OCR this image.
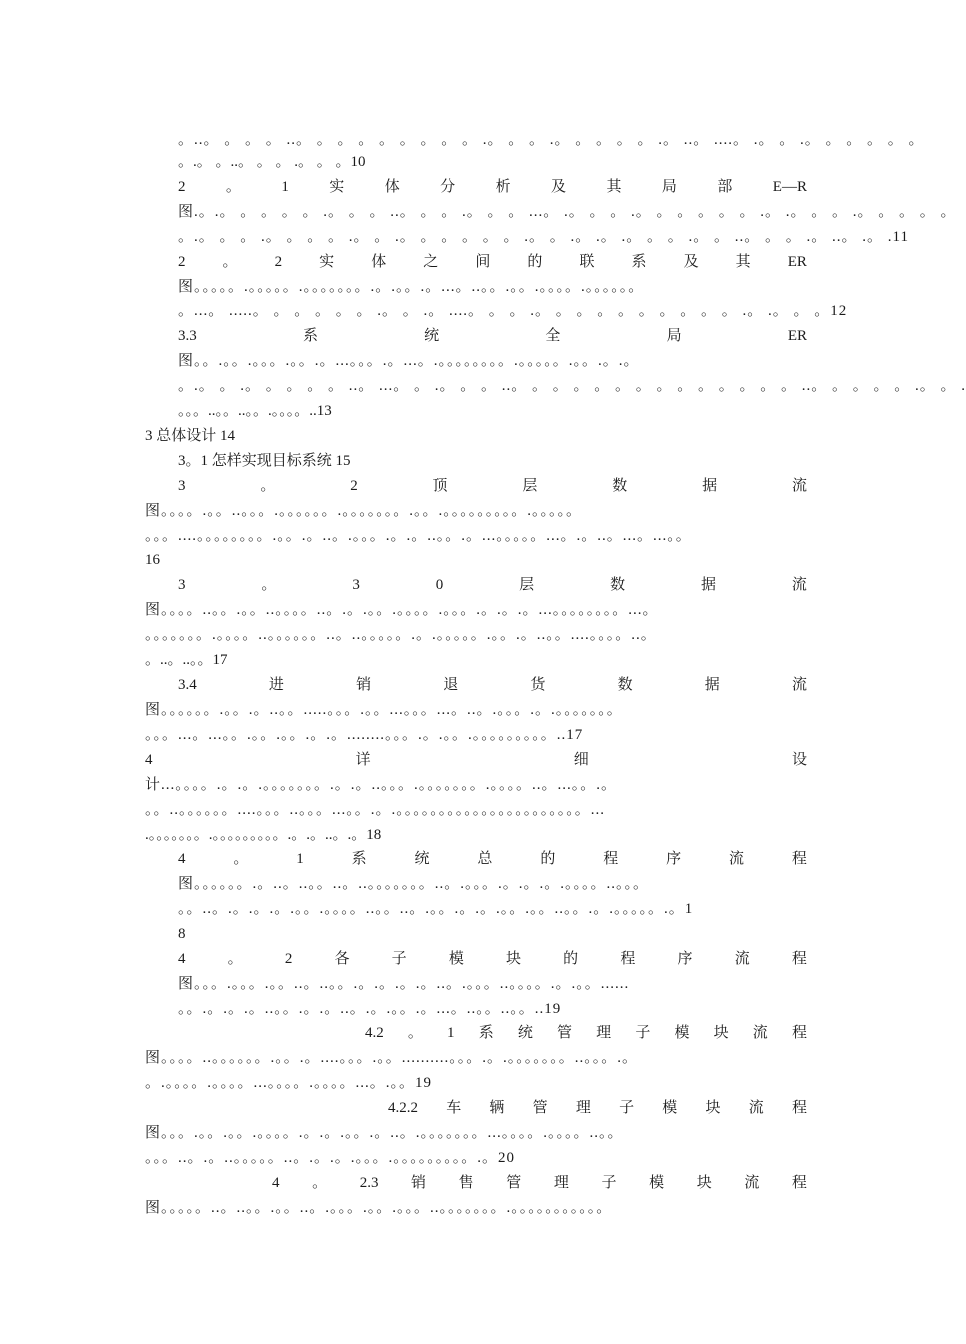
。..。 。 。 。 ..。 。 。 。 。 。 。 。 。 .。 。 。 .。 。 。 。 。 .。 ..。 ....。 .。 。 .。 。 。 。 。 。
。.。 。..。 。 。 .。 。 。10
2	。	1	实	体	分	析	及	其	局	部	E—R
图.。.。 。 。 。 。 .。 。 。 ..。 。 。 .。 。 。 ...。 .。 。 。 .。 。 。 。 。 。 .。 .。 。 。 .。 。 。 。 。
。.。 。 。 .。 。 。 。 .。 。 .。 。 。 。 。 。 .。 。 .。 .。 .。 。 。 .。 。 ..。 。 。 .。 ..。 .。 .11
2 。 2 实 体 之 间 的 联 系 及 其 ER
图。。。。。.。。。。。.。。。。。。。.。.。。.。...。..。。.。。.。。。。.。。。。。。
。...。 .....。 。 。 。 。 。 .。 。 .。 ....。 。 。 .。 。 。 。 。 。 。 。 。 。 .。 .。 。 。12
3.3	系	统	全	局	ER
图。。.。。.。。。.。。.。...。。。.。...。.。。。。。。。。.。。。。。.。。.。.。
。.。 。 .。 。 。 。 。 ..。 ...。 。 .。 。 。 ..。 。 。 。 。 。 。 。 。 。 。 。 。 。 ..。 。 。 。 。 .。 。 .
。。。..。。..。。.。。。。..13
3 总体设计 14
3。1 怎样实现目标系统 15
3	。	2	顶	层	数	据	流
图。。。。.。。..。。。.。。。。。。.。。。。。。。.。。.。。。。。。。。。.。。。。。
。。。....。。。。。。。。.。。.。..。.。。。.。.。..。。.。...。。。。。...。.。..。...。...。。
16
3	。	3	0	层	数	据	流
图。。。。..。。.。。..。。。。..。.。.。。.。。。。.。。。.。.。.。...。。。。。。。。...。
。。。。。。。.。。。。..。。。。。。..。..。。。。。.。.。。。。。.。。.。..。。....。。。。..。
。..。..。。17
3.4	进	销	退	货	数	据	流
图。。。。。。.。。.。..。。.....。。。.。。...。。。...。..。.。。。.。.。。。。。。。
。。。...。...。。.。。.。。.。.。........。。。.。.。。.。。。。。。。。。..17
4	详	细	设
计...。。。。.。.。.。。。。。。。.。.。..。。。.。。。。。。。.。。。。..。...。。.。
。。..。。。。。。....。。。..。。。...。。.。.。。。。。。。。。。。。。。。。。。。。。。...
.。。。。。。。.。。。。。。。。。.。.。..。.。18
4	。	1	系	统	总	的	程	序	流	程
图。。。。。。.。..。..。。..。..。。。。。。。..。.。。。.。.。.。.。。。。..。。。
。。..。.。.。.。.。。.。。。。..。。..。.。。.。.。.。。.。。..。。.。.。。。。。.。1
8
4	。	2	各	子	模	块	的	程	序	流	程
图。。。.。。。.。。..。..。。.。.。.。.。..。.。。。..。。。。.。.。。......
。。.。.。.。..。。.。.。..。.。.。。.。...。..。。..。。..19
4.2 。 1 系 统 管 理 子 模 块 流 程
图。。。。..。。。。。。.。。.。....。。。.。。..........。。。.。.。。。。。。。..。。。.。
。.。。。。.。。。。...。。。。.。。。。...。.。。19
4.2.2 车 辆 管 理 子 模 块 流 程
图。。。.。。.。。.。。。。.。.。.。。.。..。.。。。。。。。...。。。。.。。。。..。。
。。。..。.。..。。。。。..。.。.。.。。。.。。。。。。。。。.。20
4 。 2.3 销 售 管 理 子 模 块 流 程
图。。。。。..。..。。.。。..。.。。。.。。.。。。..。。。。。。。.。。。。。。。。。。。
